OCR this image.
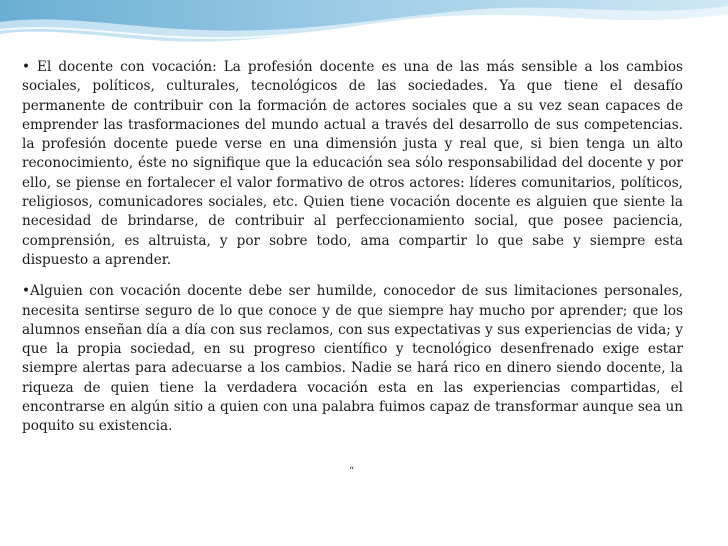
• El docente con vocación: La profesión docente es una de las más sensible a los cambios sociales, políticos, culturales, tecnológicos de las sociedades. Ya que tiene el desafío permanente de contribuir con la formación de actores sociales que a su vez sean capaces de emprender las trasformaciones del mundo actual a través del desarrollo de sus competencias. la profesión docente puede verse en una dimensión justa y real que, si bien tenga un alto reconocimiento, éste no signifique que la educación sea sólo responsabilidad del docente y por ello, se piense en fortalecer el valor formativo de otros actores: líderes comunitarios, políticos, religiosos, comunicadores sociales, etc. Quien tiene vocación docente es alguien que siente la necesidad de brindarse, de contribuir al perfeccionamiento social, que posee paciencia, comprensión, es altruista, y por sobre todo, ama compartir lo que sabe y siempre esta dispuesto a aprender.

•Alguien con vocación docente debe ser humilde, conocedor de sus limitaciones personales, necesita sentirse seguro de lo que conoce y de que siempre hay mucho por aprender; que los alumnos enseñan día a día con sus reclamos, con sus expectativas y sus experiencias de vida; y que la propia sociedad, en su progreso científico y tecnológico desenfrenado exige estar siempre alertas para adecuarse a los cambios. Nadie se hará rico en dinero siendo docente, la riqueza de quien tiene la verdadera vocación esta en las experiencias compartidas, el encontrarse en algún sitio a quien con una palabra fuimos capaz de transformar aunque sea un poquito su existencia.

“
